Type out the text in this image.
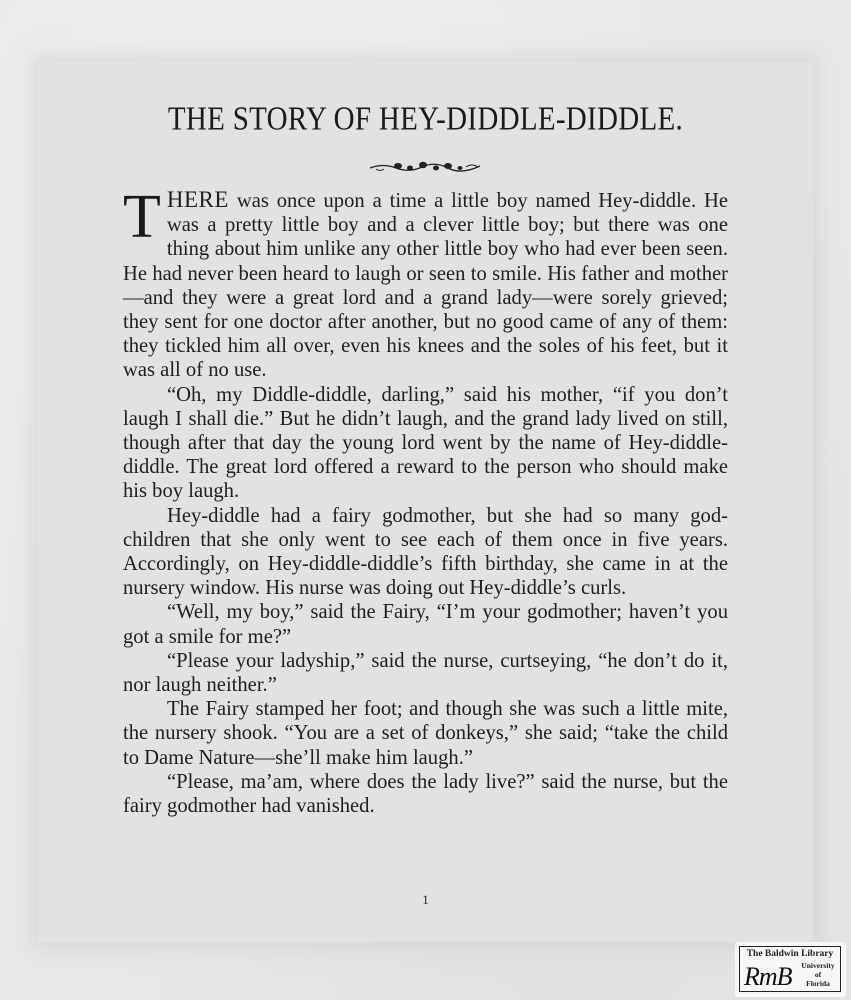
THE STORY OF HEY-DIDDLE-DIDDLE.

THERE was once upon a time a little boy named Hey-diddle. He was a pretty little boy and a clever little boy; but there was one thing about him unlike any other little boy who had ever been seen. He had never been heard to laugh or seen to smile. His father and mother—and they were a great lord and a grand lady—were sorely grieved; they sent for one doctor after another, but no good came of any of them: they tickled him all over, even his knees and the soles of his feet, but it was all of no use.

“Oh, my Diddle-diddle, darling,” said his mother, “if you don’t laugh I shall die.” But he didn’t laugh, and the grand lady lived on still, though after that day the young lord went by the name of Hey-diddle-diddle. The great lord offered a reward to the person who should make his boy laugh.

Hey-diddle had a fairy godmother, but she had so many god-children that she only went to see each of them once in five years. Accordingly, on Hey-diddle-diddle’s fifth birthday, she came in at the nursery window. His nurse was doing out Hey-diddle’s curls.

“Well, my boy,” said the Fairy, “I’m your godmother; haven’t you got a smile for me?”

“Please your ladyship,” said the nurse, curtseying, “he don’t do it, nor laugh neither.”

The Fairy stamped her foot; and though she was such a little mite, the nursery shook. “You are a set of donkeys,” she said; “take the child to Dame Nature—she’ll make him laugh.”

“Please, ma’am, where does the lady live?” said the nurse, but the fairy godmother had vanished.

1
The Baldwin Library
RmB	University
of
Florida
